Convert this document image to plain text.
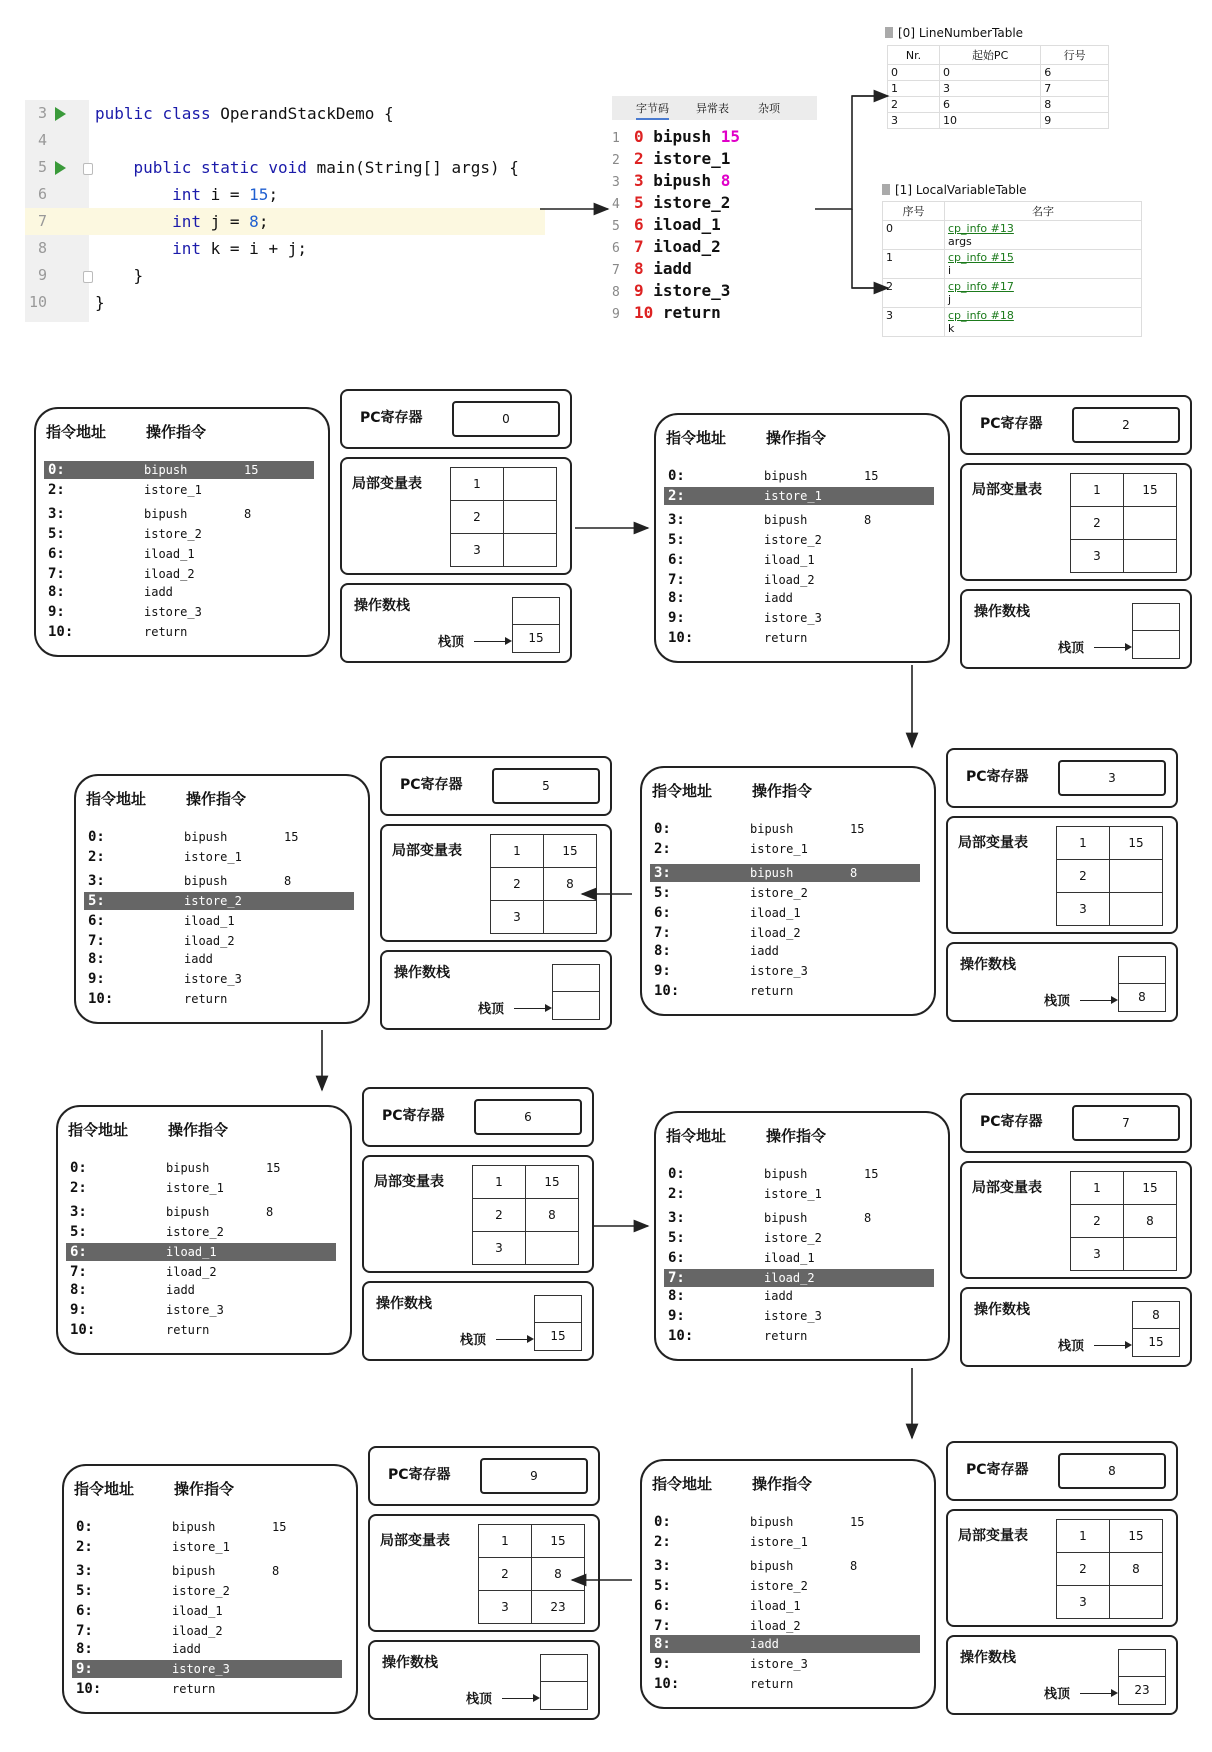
3	public class OperandStackDemo {
4
5	public static void main(String[] args) {
6	int i = 15;
7	int j = 8;
8	int k = i + j;
9	}
10	}
字节码 异常表	杂项
1 0 bipush 15
2 2 istore_1
3 3 bipush 8
4 5 istore_2
5 6 iload_1
6 7 iload_2
7 8 iadd
8 9 istore_3
9 10 return
[0] LineNumberTable
Nr.	起始PC	行号
0	0	6
1	3	7
2	6	8
3	10	9
[1] LocalVariableTable
序号	名字
0	cp_info #13
args

1	cp_info #15
i

2	cp_info #17
j

3	cp_info #18
k
指令地址	操作指令
0:	bipush	15
2:	istore_1
3:	bipush	8
5:	istore_2
6:	iload_1
7:	iload_2
8:	iadd
9:	istore_3
10:	return
PC寄存器	0
局部变量表	1	
2	
3	
操作数栈
15
栈顶
指令地址	操作指令
0:	bipush	15
2:	istore_1
3:	bipush	8
5:	istore_2
6:	iload_1
7:	iload_2
8:	iadd
9:	istore_3
10:	return
PC寄存器	2
局部变量表	1	15
2	
3	
操作数栈
栈顶
指令地址	操作指令
0:	bipush	15
2:	istore_1
3:	bipush	8
5:	istore_2
6:	iload_1
7:	iload_2
8:	iadd
9:	istore_3
10:	return
PC寄存器	3
局部变量表	1	15
2	
3	
操作数栈
8
栈顶
指令地址	操作指令
0:	bipush	15
2:	istore_1
3:	bipush	8
5:	istore_2
6:	iload_1
7:	iload_2
8:	iadd
9:	istore_3
10:	return
PC寄存器	5
局部变量表	1	15
2	8
3	
操作数栈
栈顶
指令地址	操作指令
0:	bipush	15
2:	istore_1
3:	bipush	8
5:	istore_2
6:	iload_1
7:	iload_2
8:	iadd
9:	istore_3
10:	return
PC寄存器	6
局部变量表	1	15
2	8
3	
操作数栈
15
栈顶
指令地址	操作指令
0:	bipush	15
2:	istore_1
3:	bipush	8
5:	istore_2
6:	iload_1
7:	iload_2
8:	iadd
9:	istore_3
10:	return
PC寄存器	7
局部变量表	1	15
2	8
3	
操作数栈	8
15
栈顶
指令地址	操作指令
0:	bipush	15
2:	istore_1
3:	bipush	8
5:	istore_2
6:	iload_1
7:	iload_2
8:	iadd
9:	istore_3
10:	return
PC寄存器	8
局部变量表	1	15
2	8
3	
操作数栈
23
栈顶
指令地址	操作指令
0:	bipush	15
2:	istore_1
3:	bipush	8
5:	istore_2
6:	iload_1
7:	iload_2
8:	iadd
9:	istore_3
10:	return
PC寄存器	9
局部变量表	1	15
2	8
3	23
操作数栈
栈顶
